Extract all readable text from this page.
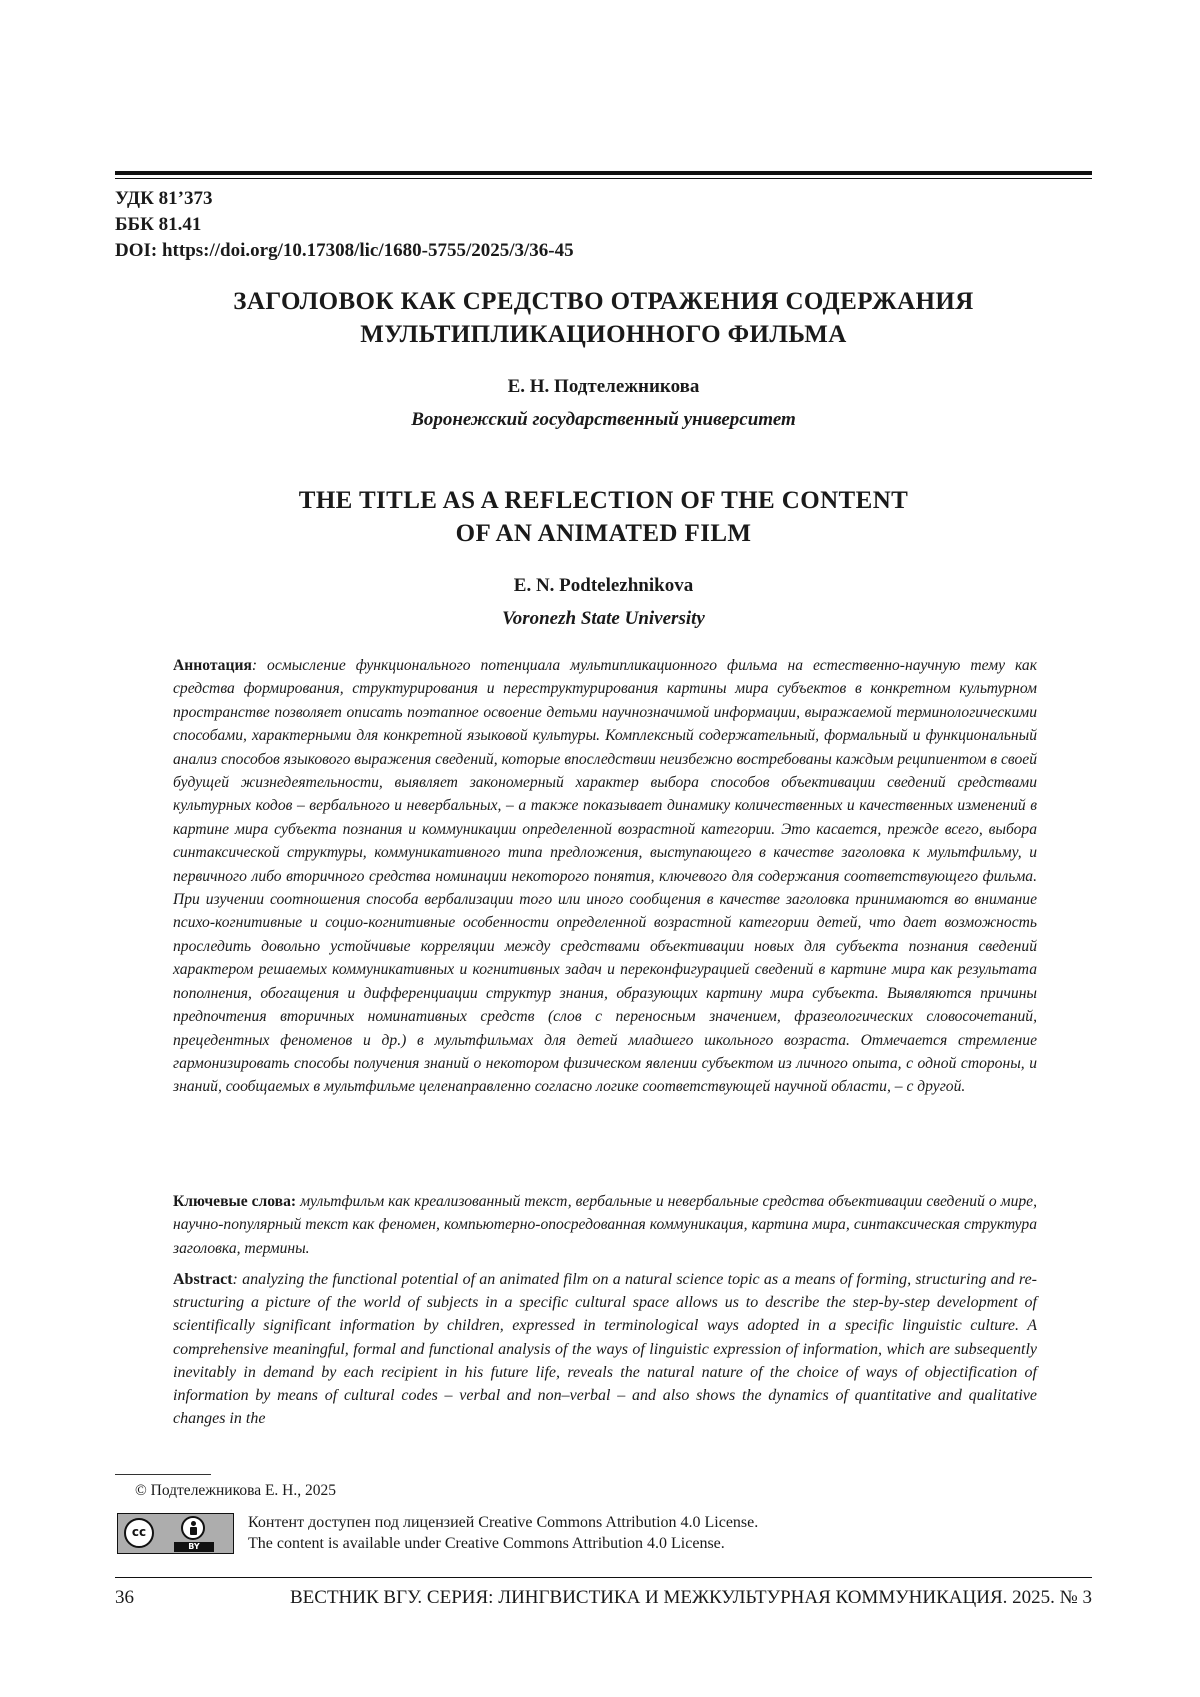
УДК 81’373
ББК 81.41
DOI: https://doi.org/10.17308/lic/1680-5755/2025/3/36-45
ЗАГОЛОВОК КАК СРЕДСТВО ОТРАЖЕНИЯ СОДЕРЖАНИЯ
МУЛЬТИПЛИКАЦИОННОГО ФИЛЬМА
Е. Н. Подтележникова
Воронежский государственный университет
THE TITLE AS A REFLECTION OF THE CONTENT
OF AN ANIMATED FILM
E. N. Podtelezhnikova
Voronezh State University
Аннотация: осмысление функционального потенциала мультипликационного фильма на естественно-научную тему как средства формирования, структурирования и переструктурирования картины мира субъектов в конкретном культурном пространстве позволяет описать поэтапное освоение детьми научнозначимой информации, выражаемой терминологическими способами, характерными для конкретной языковой культуры. Комплексный содержательный, формальный и функциональный анализ способов языкового выражения сведений, которые впоследствии неизбежно востребованы каждым реципиентом в своей будущей жизнедеятельности, выявляет закономерный характер выбора способов объективации сведений средствами культурных кодов – вербального и невербальных, – а также показывает динамику количественных и качественных изменений в картине мира субъекта познания и коммуникации определенной возрастной категории. Это касается, прежде всего, выбора синтаксической структуры, коммуникативного типа предложения, выступающего в качестве заголовка к мультфильму, и первичного либо вторичного средства номинации некоторого понятия, ключевого для содержания соответствующего фильма. При изучении соотношения способа вербализации того или иного сообщения в качестве заголовка принимаются во внимание психо-когнитивные и социо-когнитивные особенности определенной возрастной категории детей, что дает возможность проследить довольно устойчивые корреляции между средствами объективации новых для субъекта познания сведений характером решаемых коммуникативных и когнитивных задач и переконфигурацией сведений в картине мира как результата пополнения, обогащения и дифференциации структур знания, образующих картину мира субъекта. Выявляются причины предпочтения вторичных номинативных средств (слов с переносным значением, фразеологических словосочетаний, прецедентных феноменов и др.) в мультфильмах для детей младшего школьного возраста. Отмечается стремление гармонизировать способы получения знаний о некотором физическом явлении субъектом из личного опыта, с одной стороны, и знаний, сообщаемых в мультфильме целенаправленно согласно логике соответствующей научной области, – с другой.
Ключевые слова: мультфильм как креализованный текст, вербальные и невербальные средства объективации сведений о мире, научно-популярный текст как феномен, компьютерно-опосредованная коммуникация, картина мира, синтаксическая структура заголовка, термины.
Abstract: analyzing the functional potential of an animated film on a natural science topic as a means of forming, structuring and re-structuring a picture of the world of subjects in a specific cultural space allows us to describe the step-by-step development of scientifically significant information by children, expressed in terminological ways adopted in a specific linguistic culture. A comprehensive meaningful, formal and functional analysis of the ways of linguistic expression of information, which are subsequently inevitably in demand by each recipient in his future life, reveals the natural nature of the choice of ways of objectification of information by means of cultural codes – verbal and non–verbal – and also shows the dynamics of quantitative and qualitative changes in the
© Подтележникова Е. Н., 2025
cc
BY
Контент доступен под лицензией Creative Commons Attribution 4.0 License.
The content is available under Creative Commons Attribution 4.0 License.
36	ВЕСТНИК ВГУ. СЕРИЯ: ЛИНГВИСТИКА И МЕЖКУЛЬТУРНАЯ КОММУНИКАЦИЯ. 2025. № 3
